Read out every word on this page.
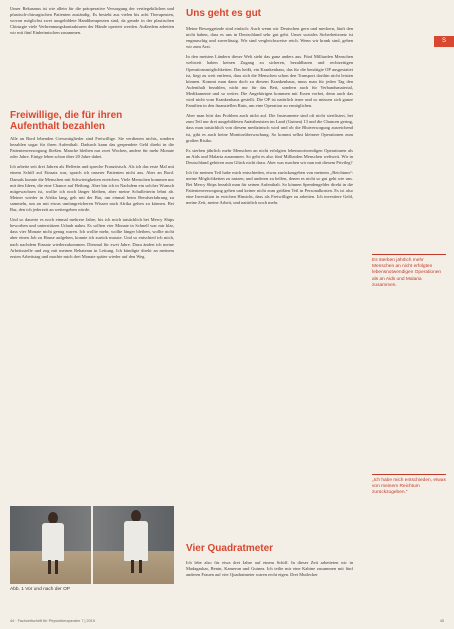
Unser Rekasmus ist wie allein für die präoperative Versorgung der vertiegekilichen und pfastisch-chirurgischen Patienten zuständig. Es besteht aus vielen bis acht Therapeuten, wovon möglichst zwei ausgebildete Handtherapeuten sind, da gerade in der plastischen Chirurgie viele Verbrennungskontrakturen der Hände operiert werden. Außerdem arbeiten wir mit fünf Einheimischen zusammen.

Freiwillige, die für ihren Aufenthalt bezahlen

Alle an Bord lebenden Crewmitglieder sind Freiwillige. Sie verdienen nichts, sondern bezahlen sogar für ihren Aufenthalt. Dadurch kann das gespendete Geld direkt in die Patientenversorgung fließen. Manche bleiben nur zwei Wochen, andere für mehr Monate oder Jahre. Einige leben schon über 20 Jahre dabei.

Ich arbeite seit drei Jahren als Helferin und spreche Französisch. Als ich das erste Mal mit einem Schiff auf Einsatz war, sprach ich unserer Patienten nicht aus. Aber an Bord. Damals konnte die Menschen mit Schwierigkeiten erreichen. Viele Menschen kommen nur mit den Ideen, die eine Chance auf Heilung. Aber bin ich in Nachdem ein solcher Wunsch mitgewachsen ist, wollte ich noch länger bleiben, aber meine Schulleiterin lehnt ab. Meiner wieder in Afrika lang, geh mit der Bar, um einmal beim Berufserfahrung zu sammeln, um an mit etwas umfangreicheren Wissen nach Afrika gehen zu können. Bei Bar, den ich jederzeit an weitergeben würde.

Und so dauerte es noch einmal mehrere Jahre, bis ich mich tatsächlich bei Mercy Ships beworben und unterstützen Urlaub nahm. Es sollten vier Monate in Schnell war mir klar, dass vier Monate nicht genug waren. Ich wollte mehr, wollte länger bleiben, wollte nicht aber einen Job zu Hause aufgeben, konnte ich zurück musste. Und so entschied ich mich, nach nachdem Einsatz wiederzukommen. Diesmal für zwei Jahre. Dazu ändert ich meine Arbeitsstelle und zog mit meinen Rehateam in Leitung. Ich kündigte direkt an meinem ersten Arbeitstag und machte mich drei Monate später wieder auf den Weg.

Abb. 1 Vor und nach der OP
Uns geht es gut

Meine Beweggründe sind einfach: Auch wenn wir Deutschen gern und meckern, läuft den nicht haben, dass es uns in Deutschland sehr gut geht. Unser soziales Sicherheitsnetz ist engmaschig und zuverlässig. Wir sind vergleichsweise reich. Wenn wir krank sind, gehen wir zum Arzt.

In den meisten Ländern dieser Welt sieht das ganz anders aus. Fünf Milliarden Menschen weltweit haben keinen Zugang zu sicheren, bezahlbaren und rechtzeitigen Operationsmöglichkeiten. Das heißt, ein Krankenhaus, das für die benötigte OP ausgestattet ist, liegt zu weit entfernt, dass sich die Menschen schon den Transport dorthin nicht leisten können. Kommt man dann doch zu diesem Krankenhaus, muss man für jeden Tag den Aufenthalt bezahlen, nicht nur für das Bett, sondern auch für Verbandsmaterial, Medikamente und so weiter. Die Angehörigen kommen mit Essen vorbei, denn auch das wird nicht vom Krankenhaus gestellt. Die OP ist natürlich teuer und so müssen sich ganze Familien in den finanziellen Ruin, um eine Operation zu ermöglichen.

Aber man hört das Problem auch nicht auf. Die Instrumente sind oft nicht sterilisiert, bei zum Teil nur drei ausgebildeten Anästhesisten im Land (Guinea) 13 und die Chancen gering, dass man tatsächlich von diesem medizinisch wird und ob die Blutversorgung ausreichend ist, gibt es auch keine Monitorüberwachung. So kommt selbst kleinere Operationen zum großen Risiko.

Es sterben jährlich mehr Menschen an nicht erfolgten lebensnotwendigen Operationen als an Aids und Malaria zusammen. So geht es also fünf Milliarden Menschen weltweit. Wir in Deutschland gehören zum Glück nicht dazu. Aber was machen wir nun mit diesem Privileg?

Ich für meinen Teil habe mich entschieden, etwas zurückzugeben von meinem „Reichtum“: meine Möglichkeiten zu nutzen, und anderen zu helfen, denen es nicht so gut geht wie uns. Bei Mercy Ships bezahlt man für seinen Aufenthalt. So können Spendengelder direkt in die Patientenversorgung gehen und keiner nicht zum größten Teil in Personalkosten. Es ist also eine Investition in ewichen Hinsicht, dass als Freiwilliger zu arbeiten. Ich investiere Geld, meine Zeit, meine Arbeit, und natürlich noch mehr.

Vier Quadratmeter

Ich lebe also für etwa drei Jahre auf einem Schiff. In dieser Zeit arbeiteten wir in Madagaskar, Benin, Kamerun und Guinea. Ich teilte mir eine Kabine zusammen mit fünf anderen Frauen auf vier Quadratmeter waren recht eigen. Drei Mutlecker

Es sterben jährlich mehr Menschen an nicht erfolgten lebensnotwendigen Operationen als an Aids und Malaria zusammen.
„Ich habe mich entschieden, etwas von meinem Reichtum zurückzugeben.“
S
44 · Fachzeitschrift für Physiotherapeuten 7 | 2019	45
